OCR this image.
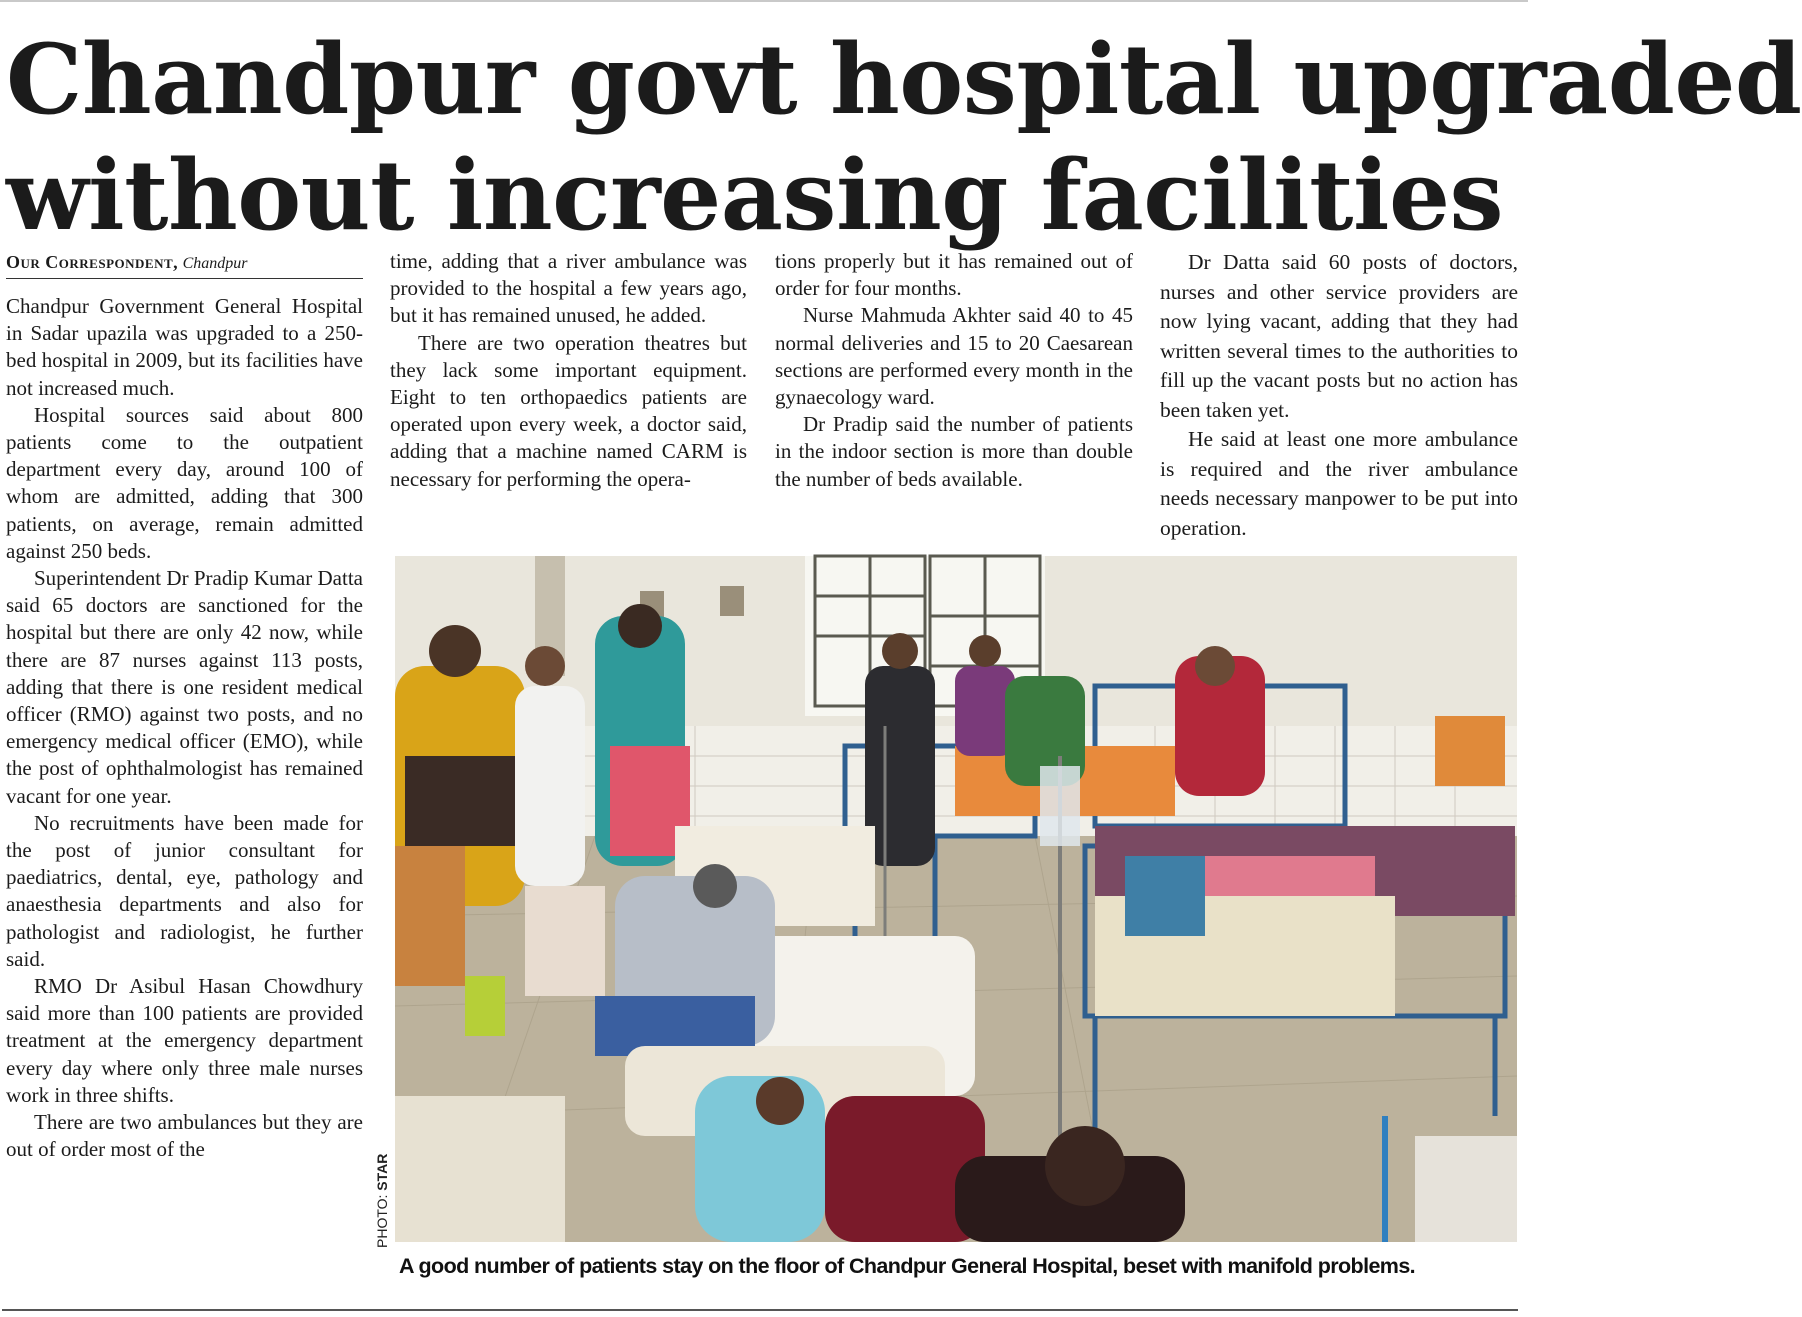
Chandpur govt hospital upgraded
without increasing facilities
Our Correspondent, Chandpur

Chandpur Government General Hospital in Sadar upazila was upgraded to a 250-bed hospital in 2009, but its facilities have not increased much.

Hospital sources said about 800 patients come to the outpatient department every day, around 100 of whom are admitted, adding that 300 patients, on average, remain admitted against 250 beds.

Superintendent Dr Pradip Kumar Datta said 65 doctors are sanctioned for the hospital but there are only 42 now, while there are 87 nurses against 113 posts, adding that there is one resident medical officer (RMO) against two posts, and no emergency medical officer (EMO), while the post of ophthalmologist has remained vacant for one year.

No recruitments have been made for the post of junior consultant for paediatrics, dental, eye, pathology and anaesthesia departments and also for pathologist and radiologist, he further said.

RMO Dr Asibul Hasan Chowdhury said more than 100 patients are provided treatment at the emergency department every day where only three male nurses work in three shifts.

There are two ambulances but they are out of order most of the

time, adding that a river ambulance was provided to the hospital a few years ago, but it has remained unused, he added.

There are two operation theatres but they lack some important equipment. Eight to ten orthopaedics patients are operated upon every week, a doctor said, adding that a machine named CARM is necessary for performing the opera-

tions properly but it has remained out of order for four months.

Nurse Mahmuda Akhter said 40 to 45 normal deliveries and 15 to 20 Caesarean sections are performed every month in the gynaecology ward.

Dr Pradip said the number of patients in the indoor section is more than double the number of beds available.

Dr Datta said 60 posts of doctors, nurses and other service providers are now lying vacant, adding that they had written several times to the authorities to fill up the vacant posts but no action has been taken yet.

He said at least one more ambulance is required and the river ambulance needs necessary manpower to be put into operation.

PHOTO: STAR

A good number of patients stay on the floor of Chandpur General Hospital, beset with manifold problems.
